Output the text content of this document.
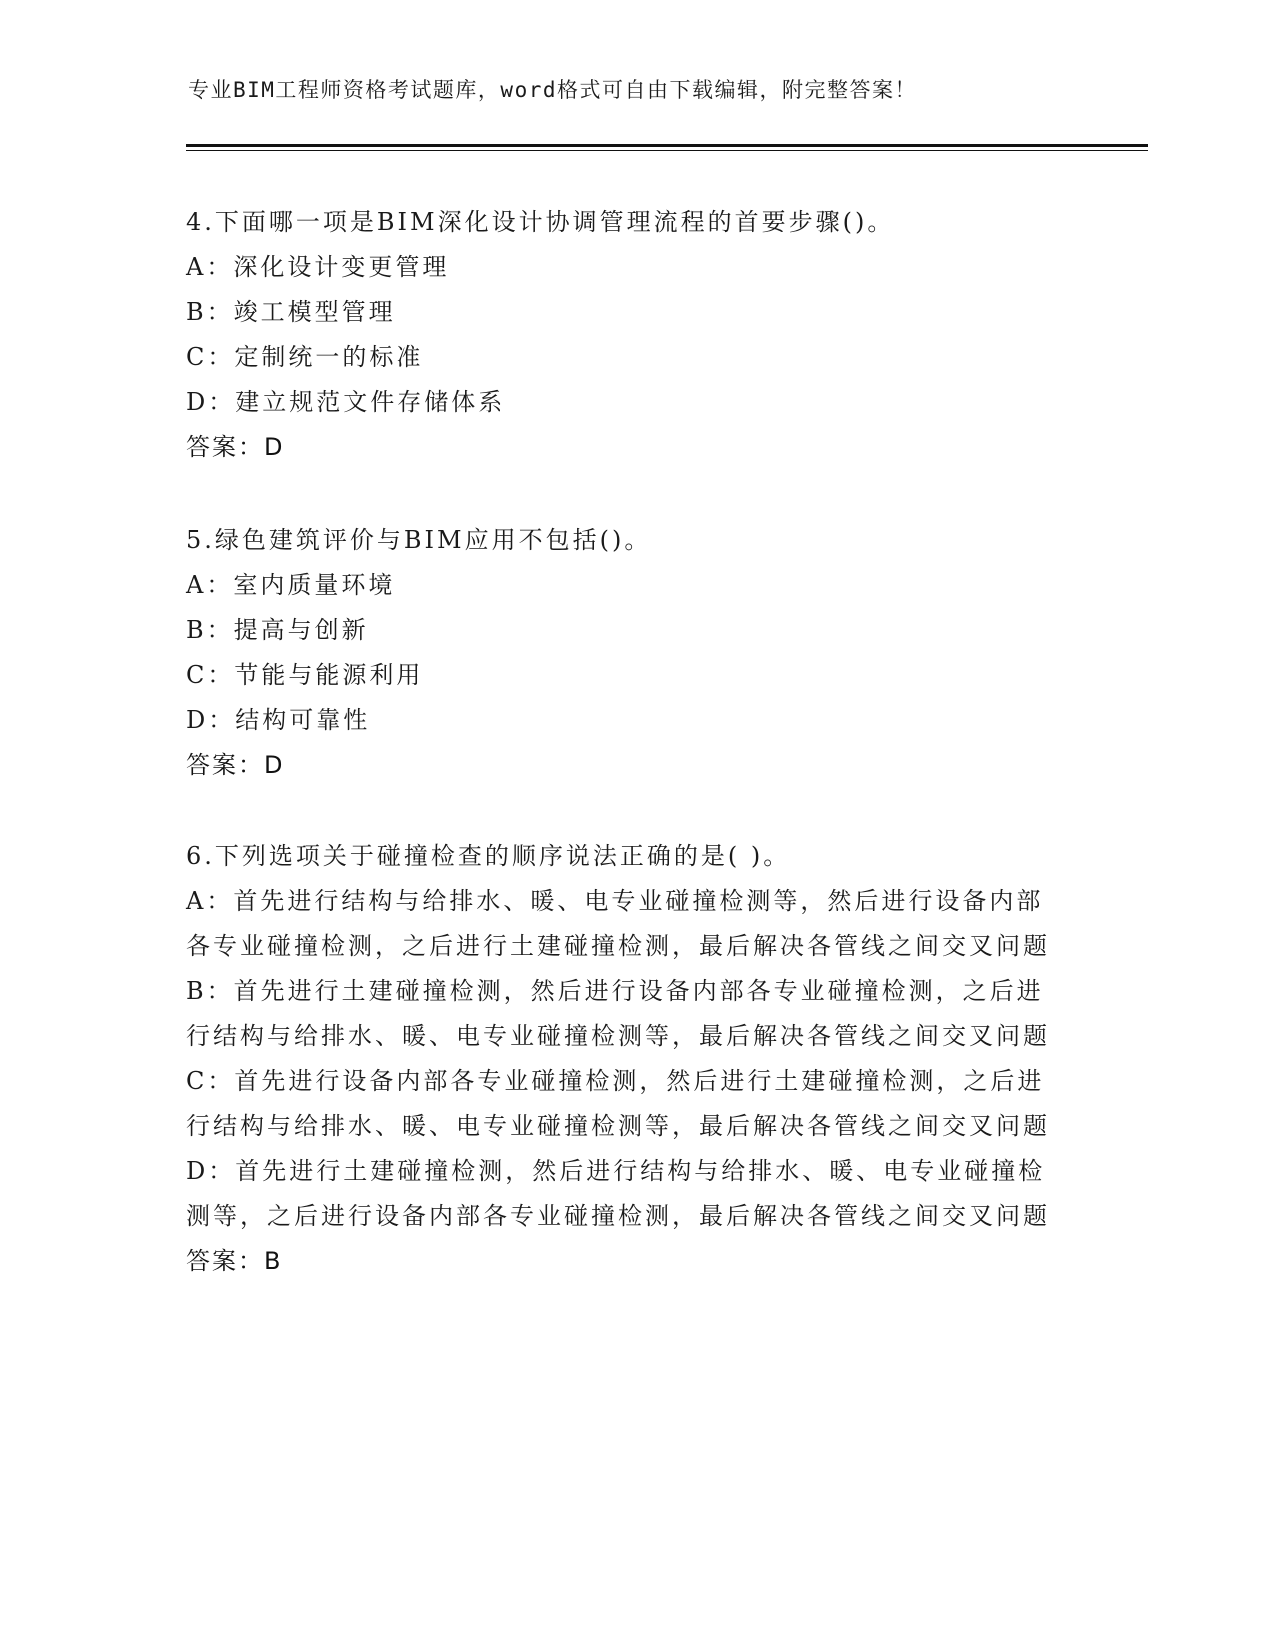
专业BIM工程师资格考试题库，word格式可自由下载编辑，附完整答案！

4.下面哪一项是BIM深化设计协调管理流程的首要步骤()。

A：深化设计变更管理

B：竣工模型管理

C：定制统一的标准

D：建立规范文件存储体系

答案：D

5.绿色建筑评价与BIM应用不包括()。

A：室内质量环境

B：提高与创新

C：节能与能源利用

D：结构可靠性

答案：D

6.下列选项关于碰撞检查的顺序说法正确的是( )。

A：首先进行结构与给排水、暖、电专业碰撞检测等，然后进行设备内部各专业碰撞检测，之后进行土建碰撞检测，最后解决各管线之间交叉问题

B：首先进行土建碰撞检测，然后进行设备内部各专业碰撞检测，之后进行结构与给排水、暖、电专业碰撞检测等，最后解决各管线之间交叉问题

C：首先进行设备内部各专业碰撞检测，然后进行土建碰撞检测，之后进行结构与给排水、暖、电专业碰撞检测等，最后解决各管线之间交叉问题

D：首先进行土建碰撞检测，然后进行结构与给排水、暖、电专业碰撞检测等，之后进行设备内部各专业碰撞检测，最后解决各管线之间交叉问题

答案：B
